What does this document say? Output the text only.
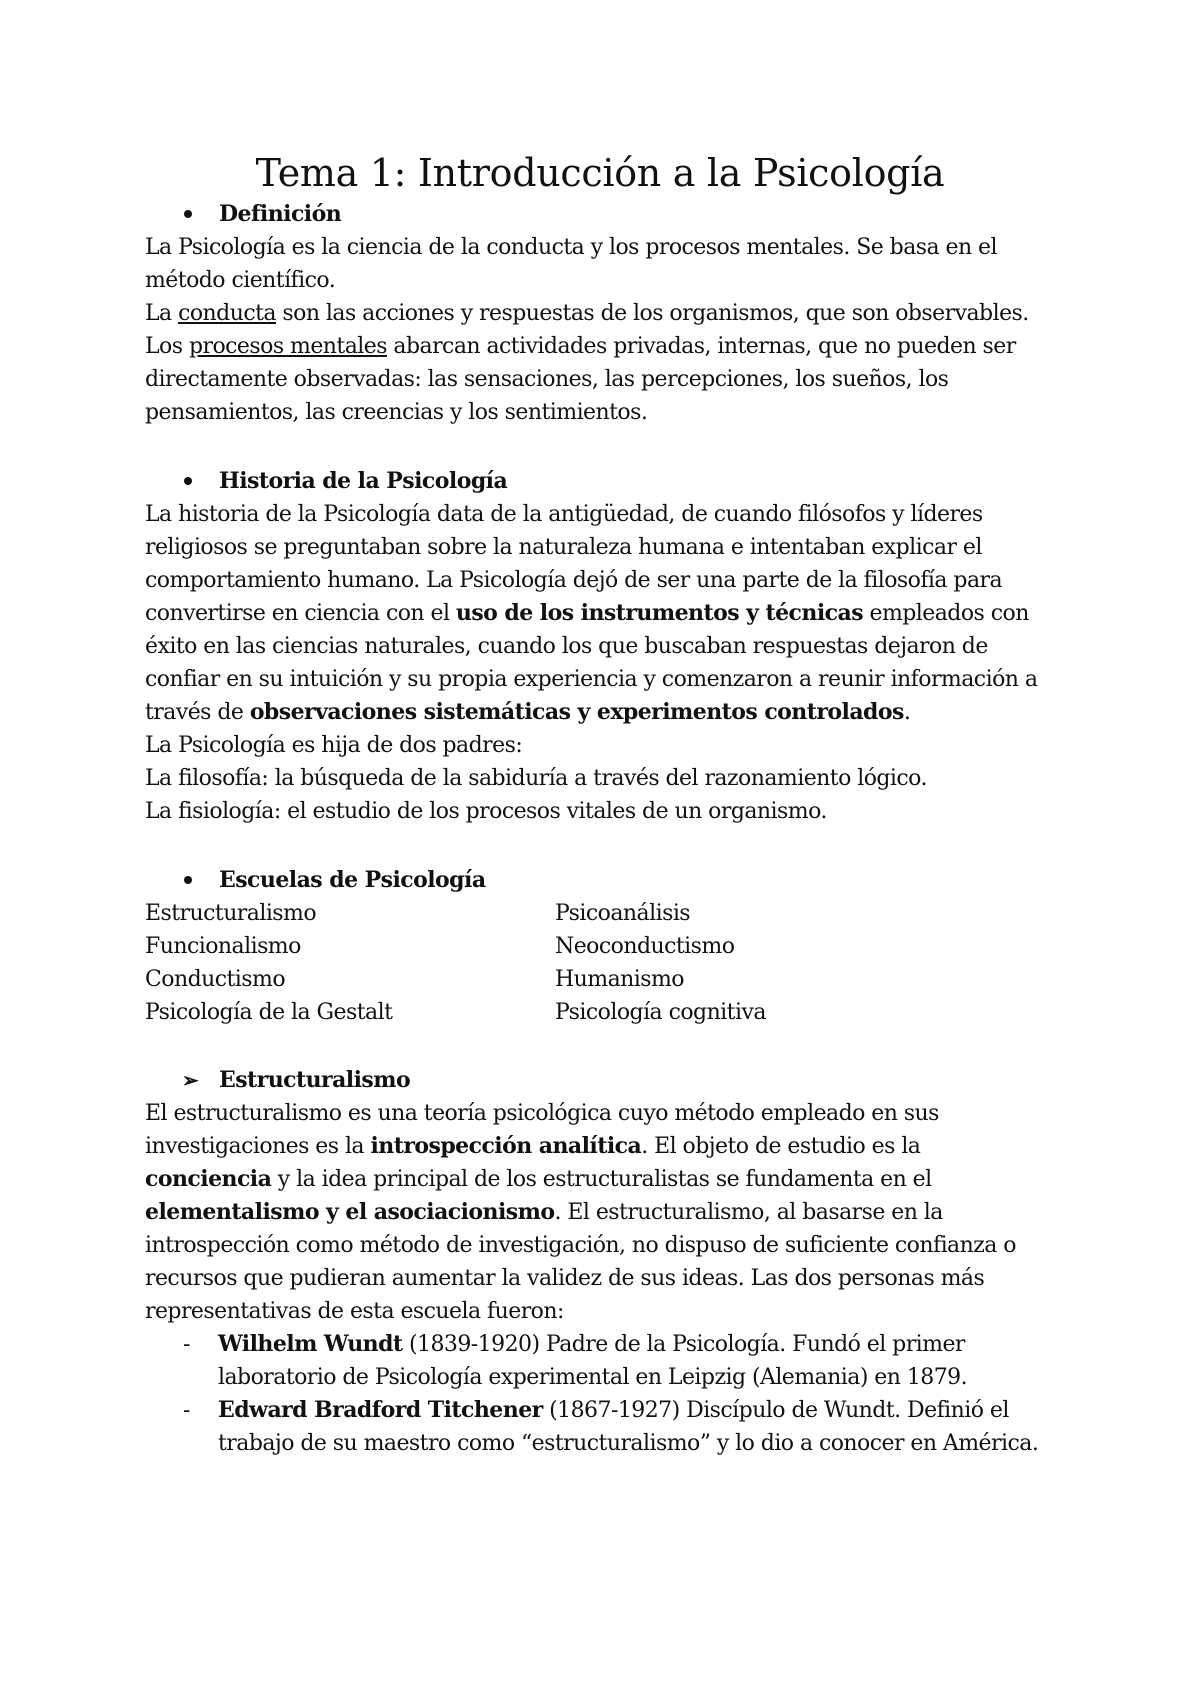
Tema 1: Introducción a la Psicología
Definición
La Psicología es la ciencia de la conducta y los procesos mentales. Se basa en el
método científico.
La conducta son las acciones y respuestas de los organismos, que son observables.
Los procesos mentales abarcan actividades privadas, internas, que no pueden ser
directamente observadas: las sensaciones, las percepciones, los sueños, los
pensamientos, las creencias y los sentimientos.
Historia de la Psicología
La historia de la Psicología data de la antigüedad, de cuando filósofos y líderes
religiosos se preguntaban sobre la naturaleza humana e intentaban explicar el
comportamiento humano. La Psicología dejó de ser una parte de la filosofía para
convertirse en ciencia con el uso de los instrumentos y técnicas empleados con
éxito en las ciencias naturales, cuando los que buscaban respuestas dejaron de
confiar en su intuición y su propia experiencia y comenzaron a reunir información a
través de observaciones sistemáticas y experimentos controlados.
La Psicología es hija de dos padres:
La filosofía: la búsqueda de la sabiduría a través del razonamiento lógico.
La fisiología: el estudio de los procesos vitales de un organismo.
Escuelas de Psicología
Estructuralismo	Psicoanálisis
Funcionalismo	Neoconductismo
Conductismo	Humanismo
Psicología de la Gestalt	Psicología cognitiva
➢ Estructuralismo
El estructuralismo es una teoría psicológica cuyo método empleado en sus
investigaciones es la introspección analítica. El objeto de estudio es la
conciencia y la idea principal de los estructuralistas se fundamenta en el
elementalismo y el asociacionismo. El estructuralismo, al basarse en la
introspección como método de investigación, no dispuso de suficiente confianza o
recursos que pudieran aumentar la validez de sus ideas. Las dos personas más
representativas de esta escuela fueron:
- Wilhelm Wundt (1839-1920) Padre de la Psicología. Fundó el primer
laboratorio de Psicología experimental en Leipzig (Alemania) en 1879.
- Edward Bradford Titchener (1867-1927) Discípulo de Wundt. Definió el
trabajo de su maestro como “estructuralismo” y lo dio a conocer en América.
